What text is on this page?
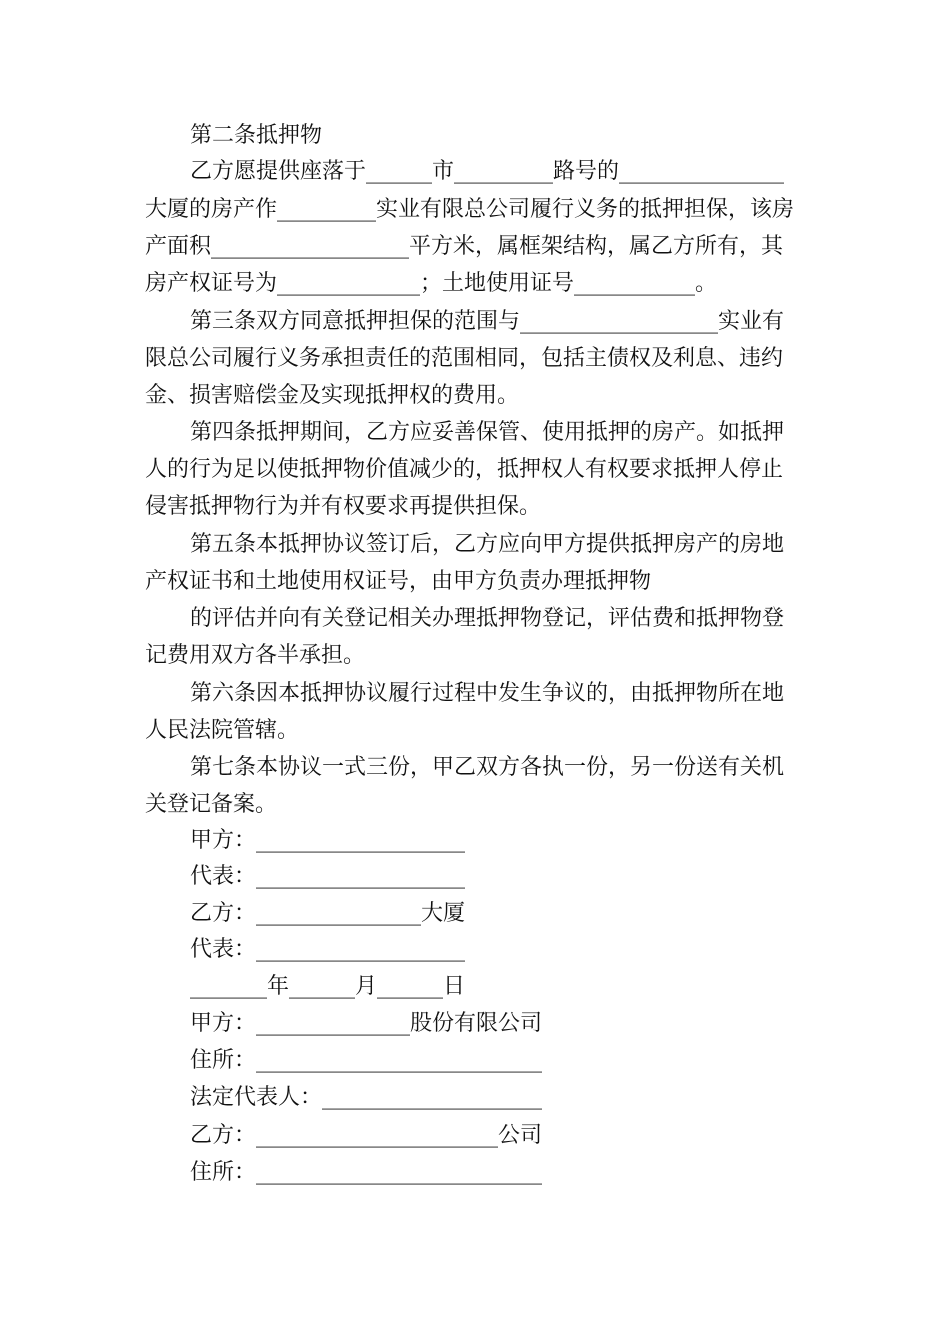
第二条抵押物
乙方愿提供座落于______市_________路号的_______________
大厦的房产作_________实业有限总公司履行义务的抵押担保，该房
产面积__________________平方米，属框架结构，属乙方所有，其
房产权证号为_____________；土地使用证号___________。
第三条双方同意抵押担保的范围与__________________实业有
限总公司履行义务承担责任的范围相同，包括主债权及利息、违约
金、损害赔偿金及实现抵押权的费用。
第四条抵押期间，乙方应妥善保管、使用抵押的房产。如抵押
人的行为足以使抵押物价值减少的，抵押权人有权要求抵押人停止
侵害抵押物行为并有权要求再提供担保。
第五条本抵押协议签订后，乙方应向甲方提供抵押房产的房地
产权证书和土地使用权证号，由甲方负责办理抵押物
的评估并向有关登记相关办理抵押物登记，评估费和抵押物登
记费用双方各半承担。
第六条因本抵押协议履行过程中发生争议的，由抵押物所在地
人民法院管辖。
第七条本协议一式三份，甲乙双方各执一份，另一份送有关机
关登记备案。
甲方：___________________
代表：___________________
乙方：_______________大厦
代表：___________________
_______年______月______日
甲方：______________股份有限公司
住所：__________________________
法定代表人：____________________
乙方：______________________公司
住所：__________________________
